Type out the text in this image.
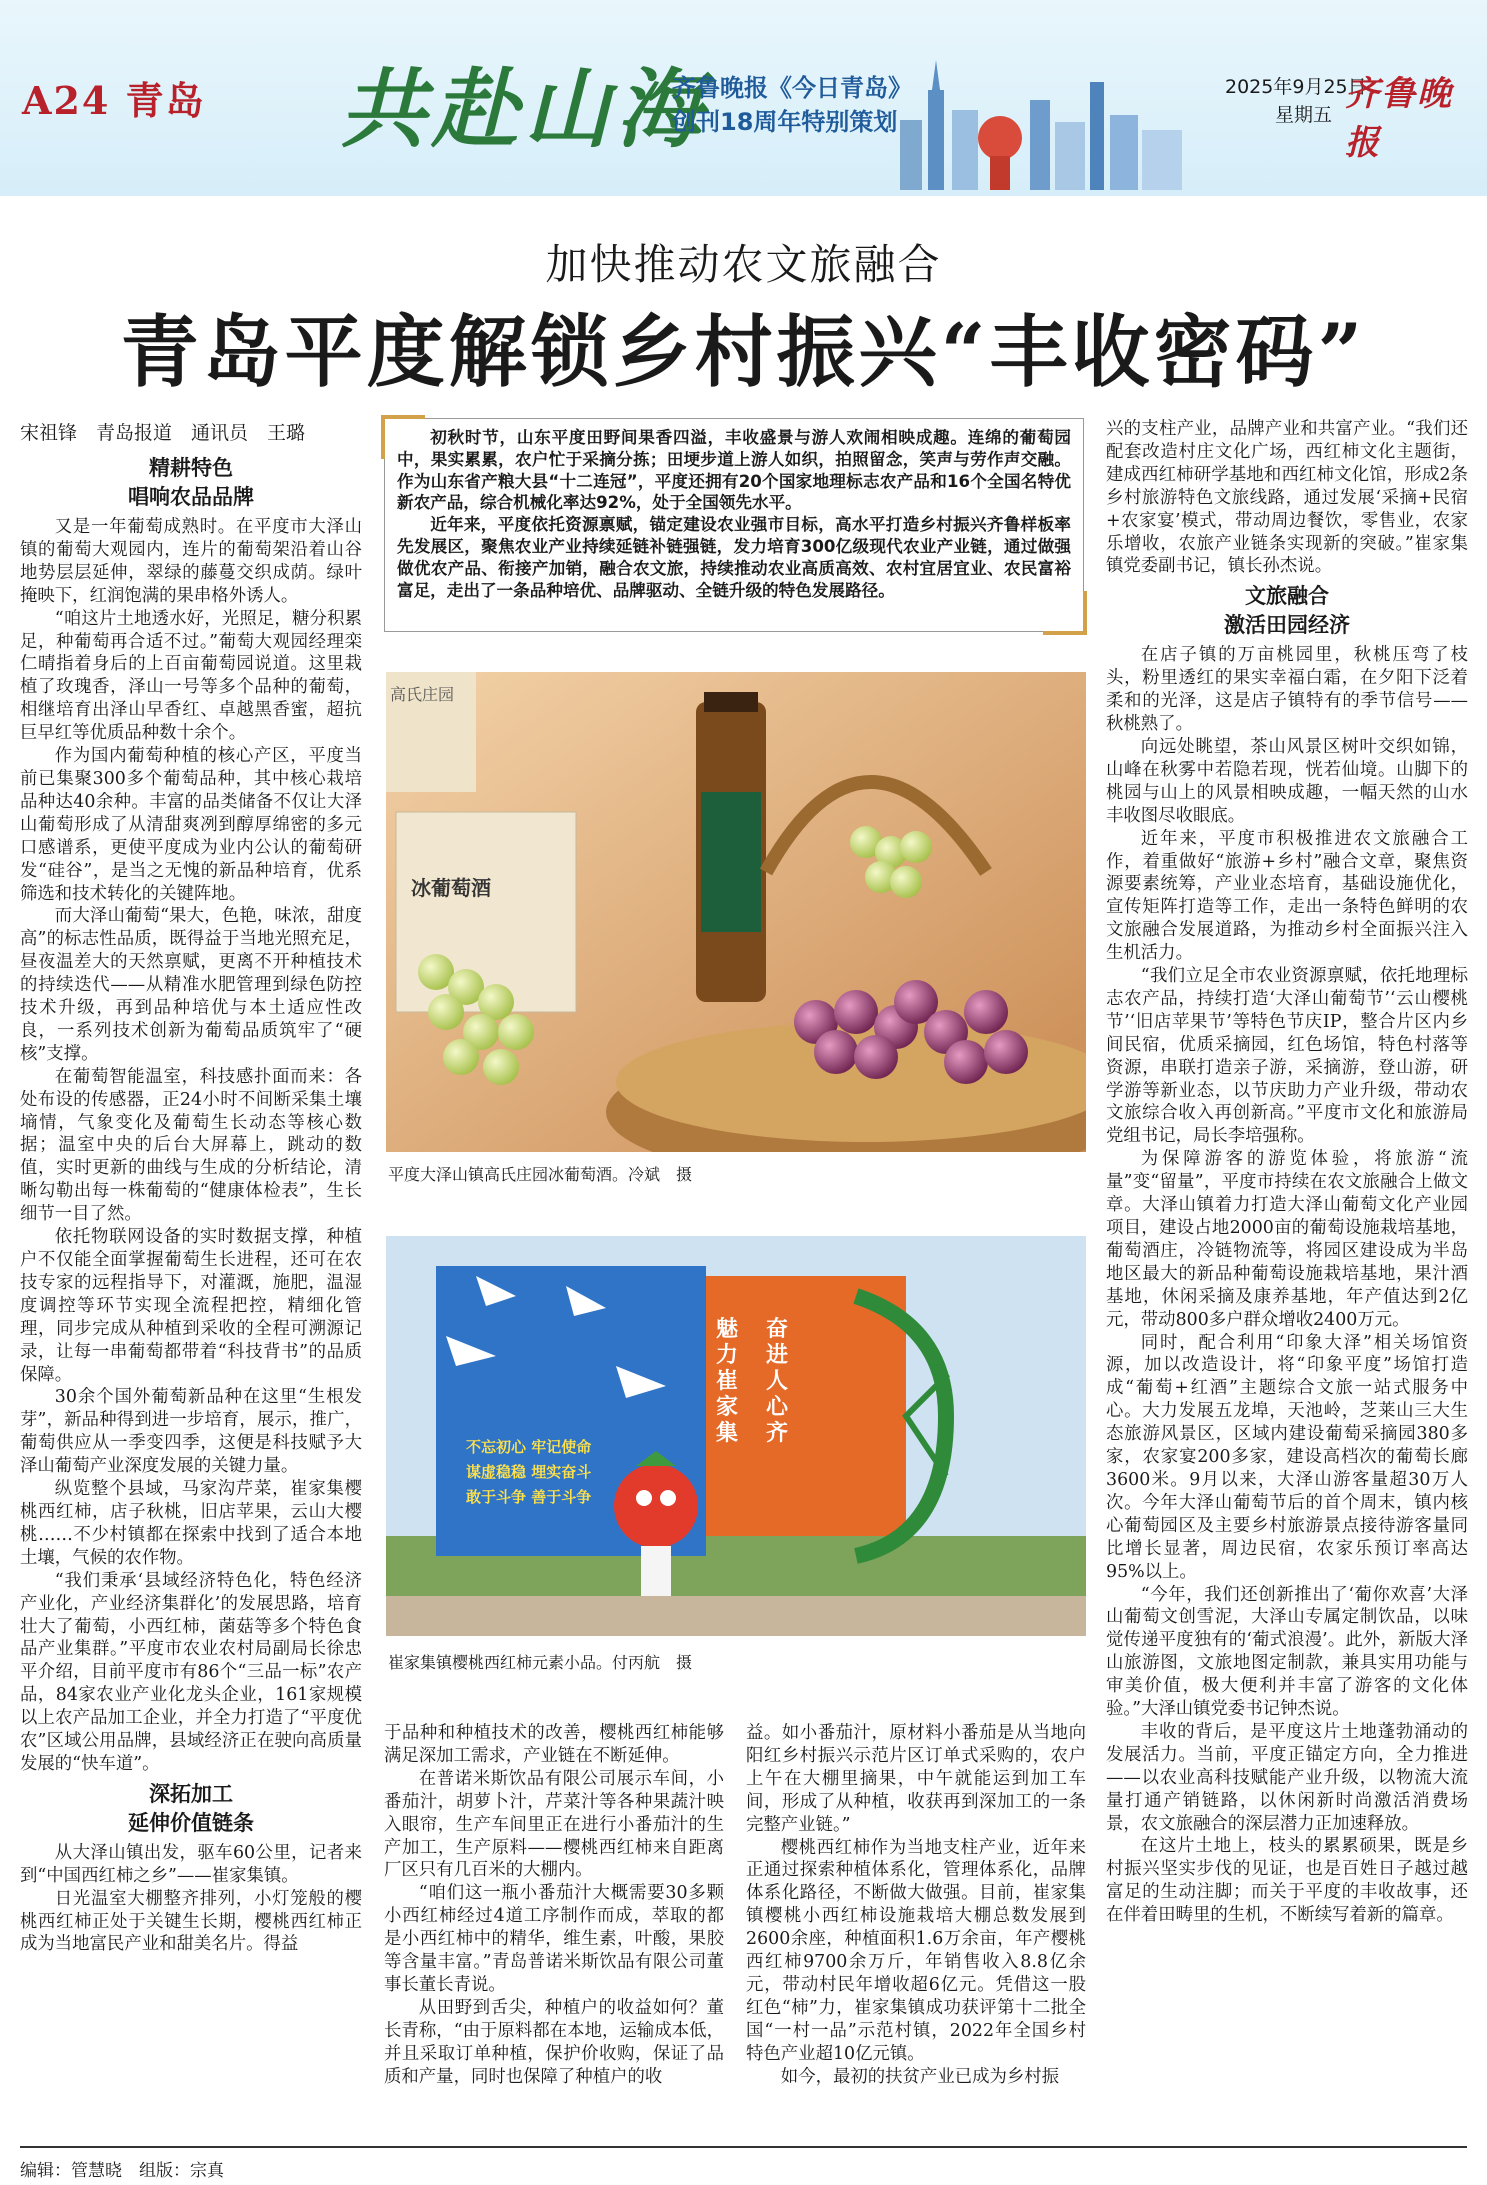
A24 青岛 共赴山海
齐鲁晚报《今日青岛》
创刊18周年特别策划
2025年9月25日
星期五
齐鲁晚报
加快推动农文旅融合
青岛平度解锁乡村振兴“丰收密码”
宋祖锋　青岛报道　通讯员　王璐
精耕特色
唱响农品品牌

又是一年葡萄成熟时。在平度市大泽山镇的葡萄大观园内，连片的葡萄架沿着山谷地势层层延伸，翠绿的藤蔓交织成荫。绿叶掩映下，红润饱满的果串格外诱人。

“咱这片土地透水好，光照足，糖分积累足，种葡萄再合适不过。”葡萄大观园经理栾仁晴指着身后的上百亩葡萄园说道。这里栽植了玫瑰香，泽山一号等多个品种的葡萄，相继培育出泽山早香红、卓越黑香蜜，超抗巨早红等优质品种数十余个。

作为国内葡萄种植的核心产区，平度当前已集聚300多个葡萄品种，其中核心栽培品种达40余种。丰富的品类储备不仅让大泽山葡萄形成了从清甜爽冽到醇厚绵密的多元口感谱系，更使平度成为业内公认的葡萄研发“硅谷”，是当之无愧的新品种培育，优系筛选和技术转化的关键阵地。

而大泽山葡萄“果大，色艳，味浓，甜度高”的标志性品质，既得益于当地光照充足，昼夜温差大的天然禀赋，更离不开种植技术的持续迭代——从精准水肥管理到绿色防控技术升级，再到品种培优与本土适应性改良，一系列技术创新为葡萄品质筑牢了“硬核”支撑。

在葡萄智能温室，科技感扑面而来：各处布设的传感器，正24小时不间断采集土壤墒情，气象变化及葡萄生长动态等核心数据；温室中央的后台大屏幕上，跳动的数值，实时更新的曲线与生成的分析结论，清晰勾勒出每一株葡萄的“健康体检表”，生长细节一目了然。

依托物联网设备的实时数据支撑，种植户不仅能全面掌握葡萄生长进程，还可在农技专家的远程指导下，对灌溉，施肥，温湿度调控等环节实现全流程把控，精细化管理，同步完成从种植到采收的全程可溯源记录，让每一串葡萄都带着“科技背书”的品质保障。

30余个国外葡萄新品种在这里“生根发芽”，新品种得到进一步培育，展示，推广，葡萄供应从一季变四季，这便是科技赋予大泽山葡萄产业深度发展的关键力量。

纵览整个县域，马家沟芹菜，崔家集樱桃西红柿，店子秋桃，旧店苹果，云山大樱桃……不少村镇都在探索中找到了适合本地土壤，气候的农作物。

“我们秉承‘县域经济特色化，特色经济产业化，产业经济集群化’的发展思路，培育壮大了葡萄，小西红柿，菌菇等多个特色食品产业集群。”平度市农业农村局副局长徐忠平介绍，目前平度市有86个“三品一标”农产品，84家农业产业化龙头企业，161家规模以上农产品加工企业，并全力打造了“平度优农”区域公用品牌，县域经济正在驶向高质量发展的“快车道”。

深拓加工
延伸价值链条

从大泽山镇出发，驱车60公里，记者来到“中国西红柿之乡”——崔家集镇。

日光温室大棚整齐排列，小灯笼般的樱桃西红柿正处于关键生长期，樱桃西红柿正成为当地富民产业和甜美名片。得益

初秋时节，山东平度田野间果香四溢，丰收盛景与游人欢闹相映成趣。连绵的葡萄园中，果实累累，农户忙于采摘分拣；田埂步道上游人如织，拍照留念，笑声与劳作声交融。作为山东省产粮大县“十二连冠”，平度还拥有20个国家地理标志农产品和16个全国名特优新农产品，综合机械化率达92%，处于全国领先水平。

近年来，平度依托资源禀赋，锚定建设农业强市目标，高水平打造乡村振兴齐鲁样板率先发展区，聚焦农业产业持续延链补链强链，发力培育300亿级现代农业产业链，通过做强做优农产品、衔接产加销，融合农文旅，持续推动农业高质高效、农村宜居宜业、农民富裕富足，走出了一条品种培优、品牌驱动、全链升级的特色发展路径。

冰葡萄酒
高氏庄园
平度大泽山镇高氏庄园冰葡萄酒。冷斌　摄
魅力崔家集
奋进人心齐
不忘初心 牢记使命
谋虚稳稳 埋实奋斗
敢于斗争 善于斗争
崔家集镇樱桃西红柿元素小品。付丙航　摄

于品种和种植技术的改善，樱桃西红柿能够满足深加工需求，产业链在不断延伸。

在普诺米斯饮品有限公司展示车间，小番茄汁，胡萝卜汁，芹菜汁等各种果蔬汁映入眼帘，生产车间里正在进行小番茄汁的生产加工，生产原料——樱桃西红柿来自距离厂区只有几百米的大棚内。

“咱们这一瓶小番茄汁大概需要30多颗小西红柿经过4道工序制作而成，萃取的都是小西红柿中的精华，维生素，叶酸，果胶等含量丰富。”青岛普诺米斯饮品有限公司董事长董长青说。

从田野到舌尖，种植户的收益如何？董长青称，“由于原料都在本地，运输成本低，并且采取订单种植，保护价收购，保证了品质和产量，同时也保障了种植户的收

益。如小番茄汁，原材料小番茄是从当地向阳红乡村振兴示范片区订单式采购的，农户上午在大棚里摘果，中午就能运到加工车间，形成了从种植，收获再到深加工的一条完整产业链。”

樱桃西红柿作为当地支柱产业，近年来正通过探索种植体系化，管理体系化，品牌体系化路径，不断做大做强。目前，崔家集镇樱桃小西红柿设施栽培大棚总数发展到2600余座，种植面积1.6万余亩，年产樱桃西红柿9700余万斤，年销售收入8.8亿余元，带动村民年增收超6亿元。凭借这一股红色“柿”力，崔家集镇成功获评第十二批全国“一村一品”示范村镇，2022年全国乡村特色产业超10亿元镇。

如今，最初的扶贫产业已成为乡村振

兴的支柱产业，品牌产业和共富产业。“我们还配套改造村庄文化广场，西红柿文化主题街，建成西红柿研学基地和西红柿文化馆，形成2条乡村旅游特色文旅线路，通过发展‘采摘+民宿+农家宴’模式，带动周边餐饮，零售业，农家乐增收，农旅产业链条实现新的突破。”崔家集镇党委副书记，镇长孙杰说。

文旅融合
激活田园经济

在店子镇的万亩桃园里，秋桃压弯了枝头，粉里透红的果实幸福白霜，在夕阳下泛着柔和的光泽，这是店子镇特有的季节信号——秋桃熟了。

向远处眺望，茶山风景区树叶交织如锦，山峰在秋雾中若隐若现，恍若仙境。山脚下的桃园与山上的风景相映成趣，一幅天然的山水丰收图尽收眼底。

近年来，平度市积极推进农文旅融合工作，着重做好“旅游+乡村”融合文章，聚焦资源要素统筹，产业业态培育，基础设施优化，宣传矩阵打造等工作，走出一条特色鲜明的农文旅融合发展道路，为推动乡村全面振兴注入生机活力。

“我们立足全市农业资源禀赋，依托地理标志农产品，持续打造‘大泽山葡萄节’‘云山樱桃节’‘旧店苹果节’等特色节庆IP，整合片区内乡间民宿，优质采摘园，红色场馆，特色村落等资源，串联打造亲子游，采摘游，登山游，研学游等新业态，以节庆助力产业升级，带动农文旅综合收入再创新高。”平度市文化和旅游局党组书记，局长李培强称。

为保障游客的游览体验，将旅游“流量”变“留量”，平度市持续在农文旅融合上做文章。大泽山镇着力打造大泽山葡萄文化产业园项目，建设占地2000亩的葡萄设施栽培基地，葡萄酒庄，冷链物流等，将园区建设成为半岛地区最大的新品种葡萄设施栽培基地，果汁酒基地，休闲采摘及康养基地，年产值达到2亿元，带动800多户群众增收2400万元。

同时，配合利用“印象大泽”相关场馆资源，加以改造设计，将“印象平度”场馆打造成“葡萄+红酒”主题综合文旅一站式服务中心。大力发展五龙埠，天池岭，芝莱山三大生态旅游风景区，区域内建设葡萄采摘园380多家，农家宴200多家，建设高档次的葡萄长廊3600米。9月以来，大泽山游客量超30万人次。今年大泽山葡萄节后的首个周末，镇内核心葡萄园区及主要乡村旅游景点接待游客量同比增长显著，周边民宿，农家乐预订率高达95%以上。

“今年，我们还创新推出了‘葡你欢喜’大泽山葡萄文创雪泥，大泽山专属定制饮品，以味觉传递平度独有的‘葡式浪漫’。此外，新版大泽山旅游图，文旅地图定制款，兼具实用功能与审美价值，极大便利并丰富了游客的文化体验。”大泽山镇党委书记钟杰说。

丰收的背后，是平度这片土地蓬勃涌动的发展活力。当前，平度正锚定方向，全力推进——以农业高科技赋能产业升级，以物流大流量打通产销链路，以休闲新时尚激活消费场景，农文旅融合的深层潜力正加速释放。

在这片土地上，枝头的累累硕果，既是乡村振兴坚实步伐的见证，也是百姓日子越过越富足的生动注脚；而关于平度的丰收故事，还在伴着田畴里的生机，不断续写着新的篇章。

编辑：管慧晓　组版：宗真
